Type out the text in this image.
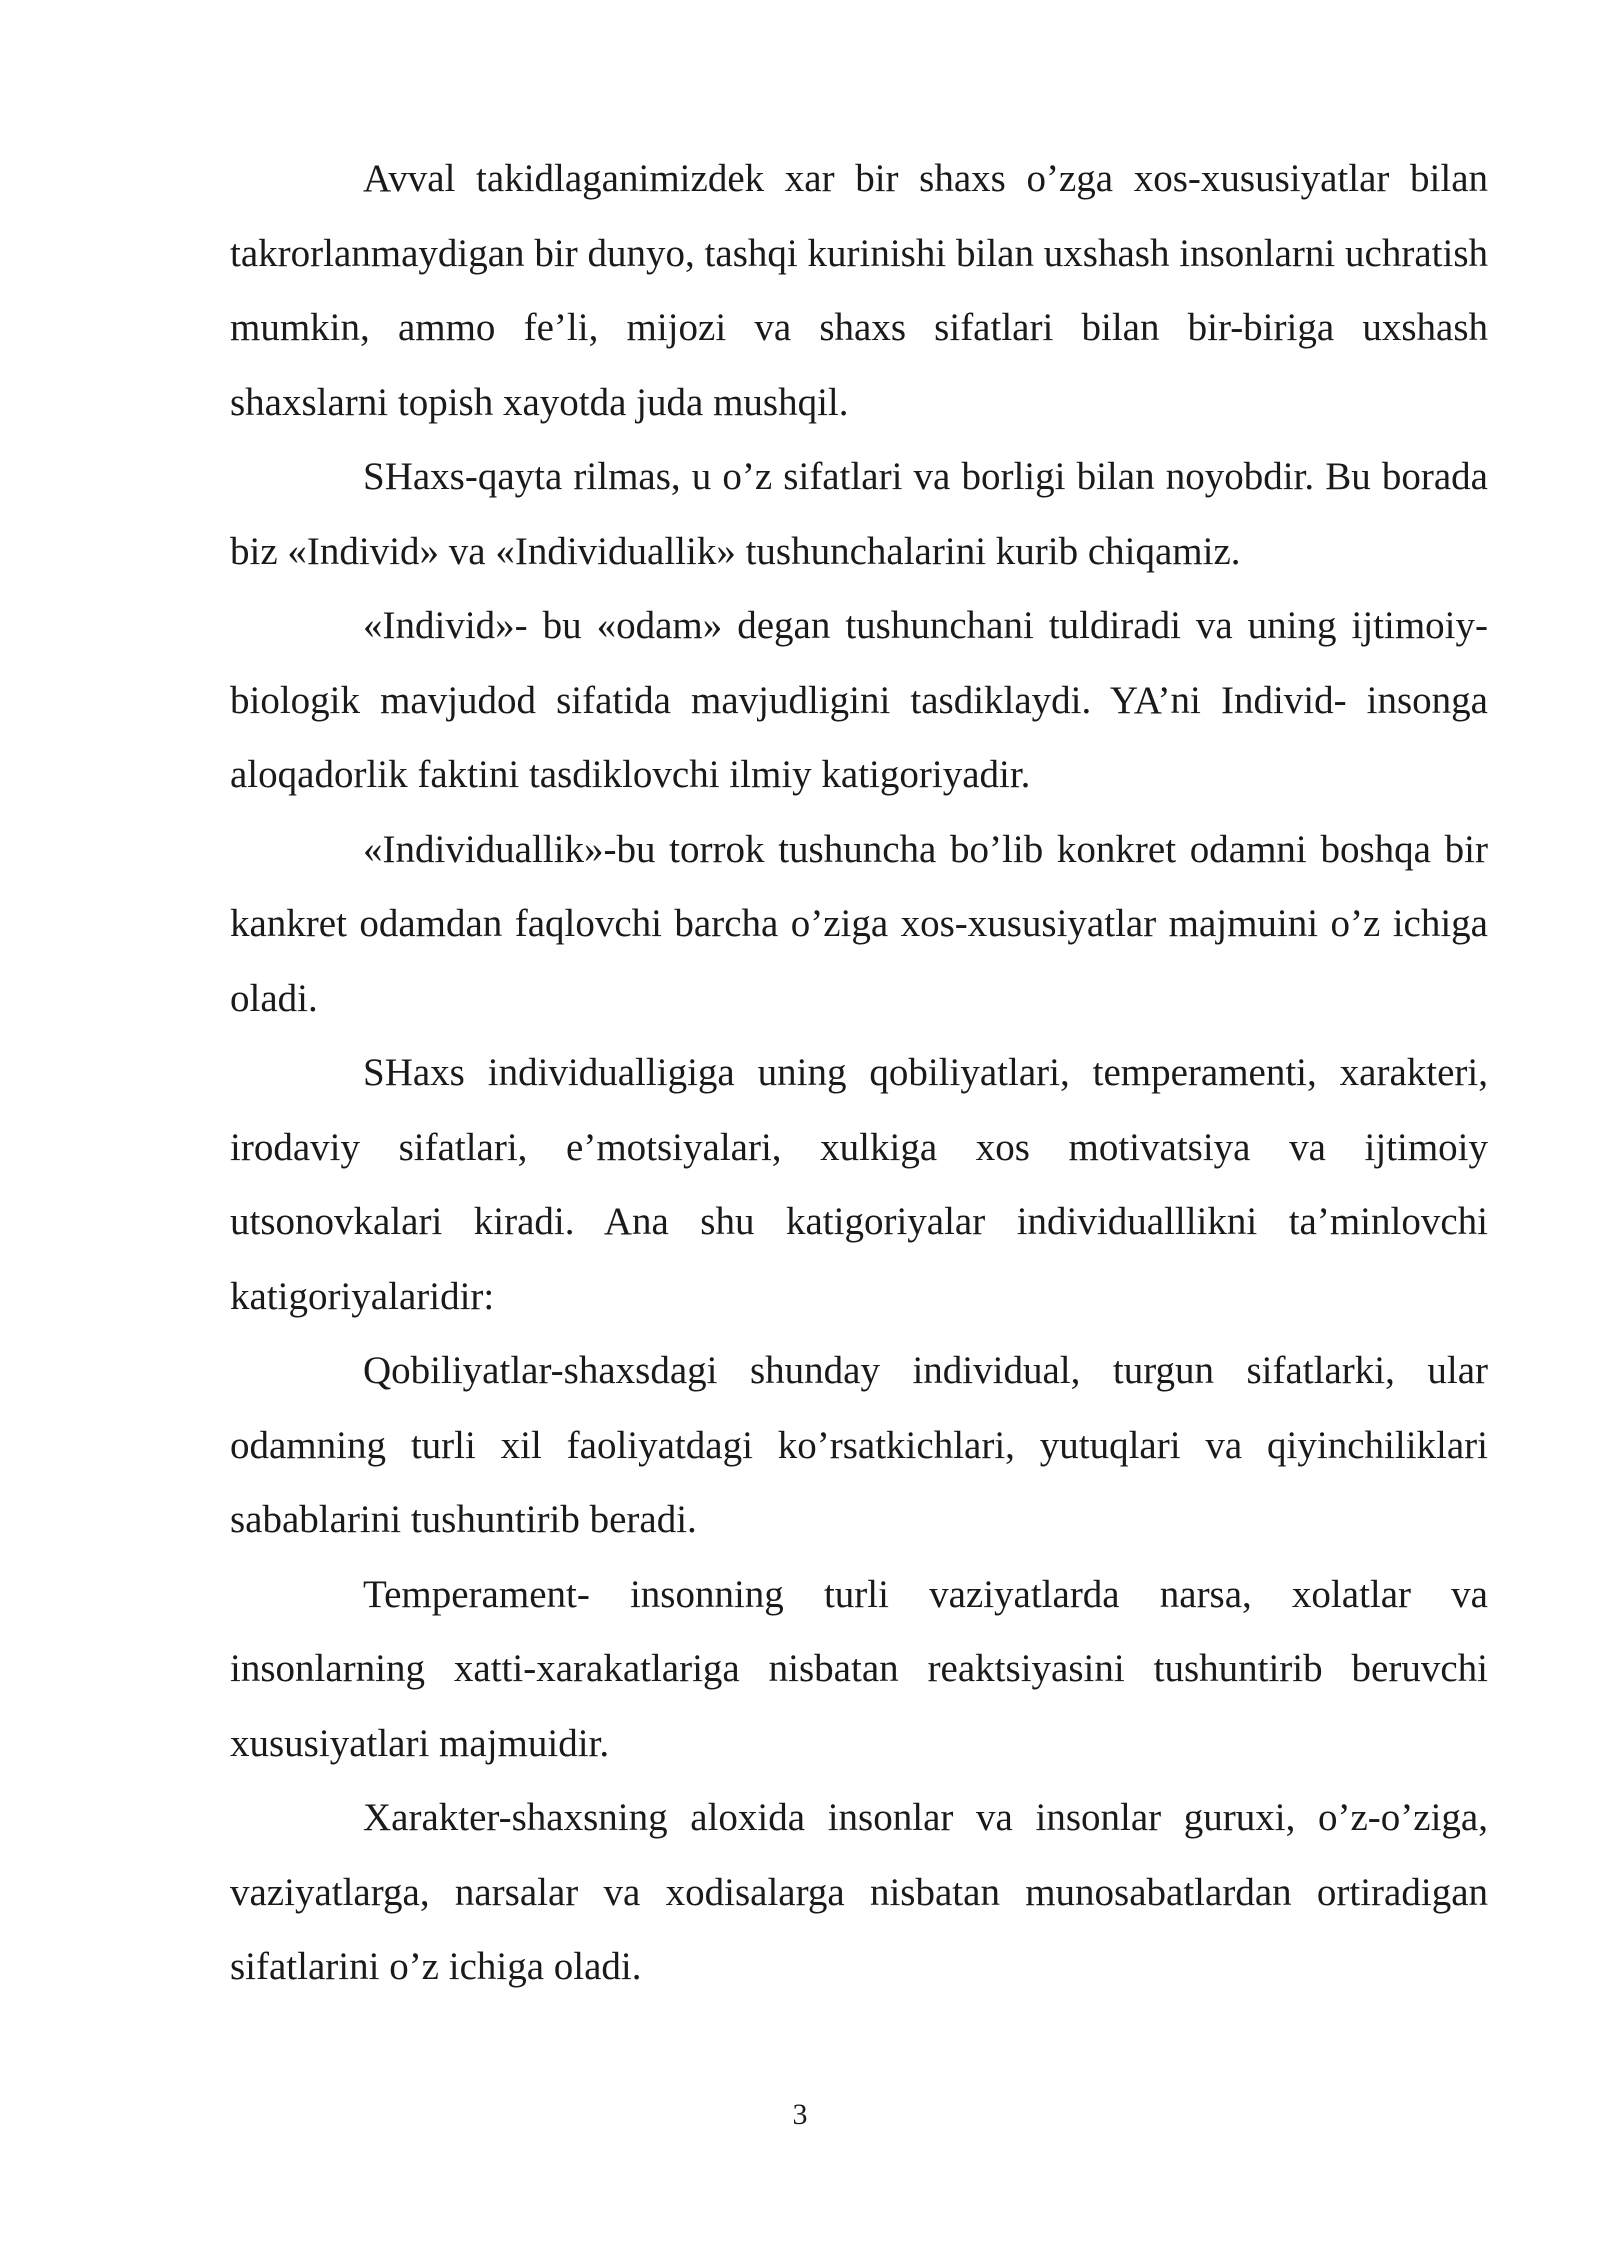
Avval takidlaganimizdek xar bir shaxs o’zga xos-xususiyatlar bilan takrorlanmaydigan bir dunyo, tashqi kurinishi bilan uxshash insonlarni uchratish mumkin, ammo fe’li, mijozi va shaxs sifatlari bilan bir-biriga uxshash shaxslarni topish xayotda juda mushqil.

SHaxs-qayta rilmas, u o’z sifatlari va borligi bilan noyobdir. Bu borada biz «Individ» va «Individuallik» tushunchalarini kurib chiqamiz.

«Individ»- bu «odam» degan tushunchani tuldiradi va uning ijtimoiy-biologik mavjudod sifatida mavjudligini tasdiklaydi. YA’ni Individ- insonga aloqadorlik faktini tasdiklovchi ilmiy katigoriyadir.

«Individuallik»-bu torrok tushuncha bo’lib konkret odamni boshqa bir kankret odamdan faqlovchi barcha o’ziga xos-xususiyatlar majmuini o’z ichiga oladi.

SHaxs individualligiga uning qobiliyatlari, temperamenti, xarakteri, irodaviy sifatlari, e’motsiyalari, xulkiga xos motivatsiya va ijtimoiy utsonovkalari kiradi. Ana shu katigoriyalar individualllikni ta’minlovchi katigoriyalaridir:

Qobiliyatlar-shaxsdagi shunday individual, turgun sifatlarki, ular odamning turli xil faoliyatdagi ko’rsatkichlari, yutuqlari va qiyinchiliklari sabablarini tushuntirib beradi.

Temperament- insonning turli vaziyatlarda narsa, xolatlar va insonlarning xatti-xarakatlariga nisbatan reaktsiyasini tushuntirib beruvchi xususiyatlari majmuidir.

Xarakter-shaxsning aloxida insonlar va insonlar guruxi, o’z-o’ziga, vaziyatlarga, narsalar va xodisalarga nisbatan munosabatlardan ortiradigan sifatlarini o’z ichiga oladi.

3
